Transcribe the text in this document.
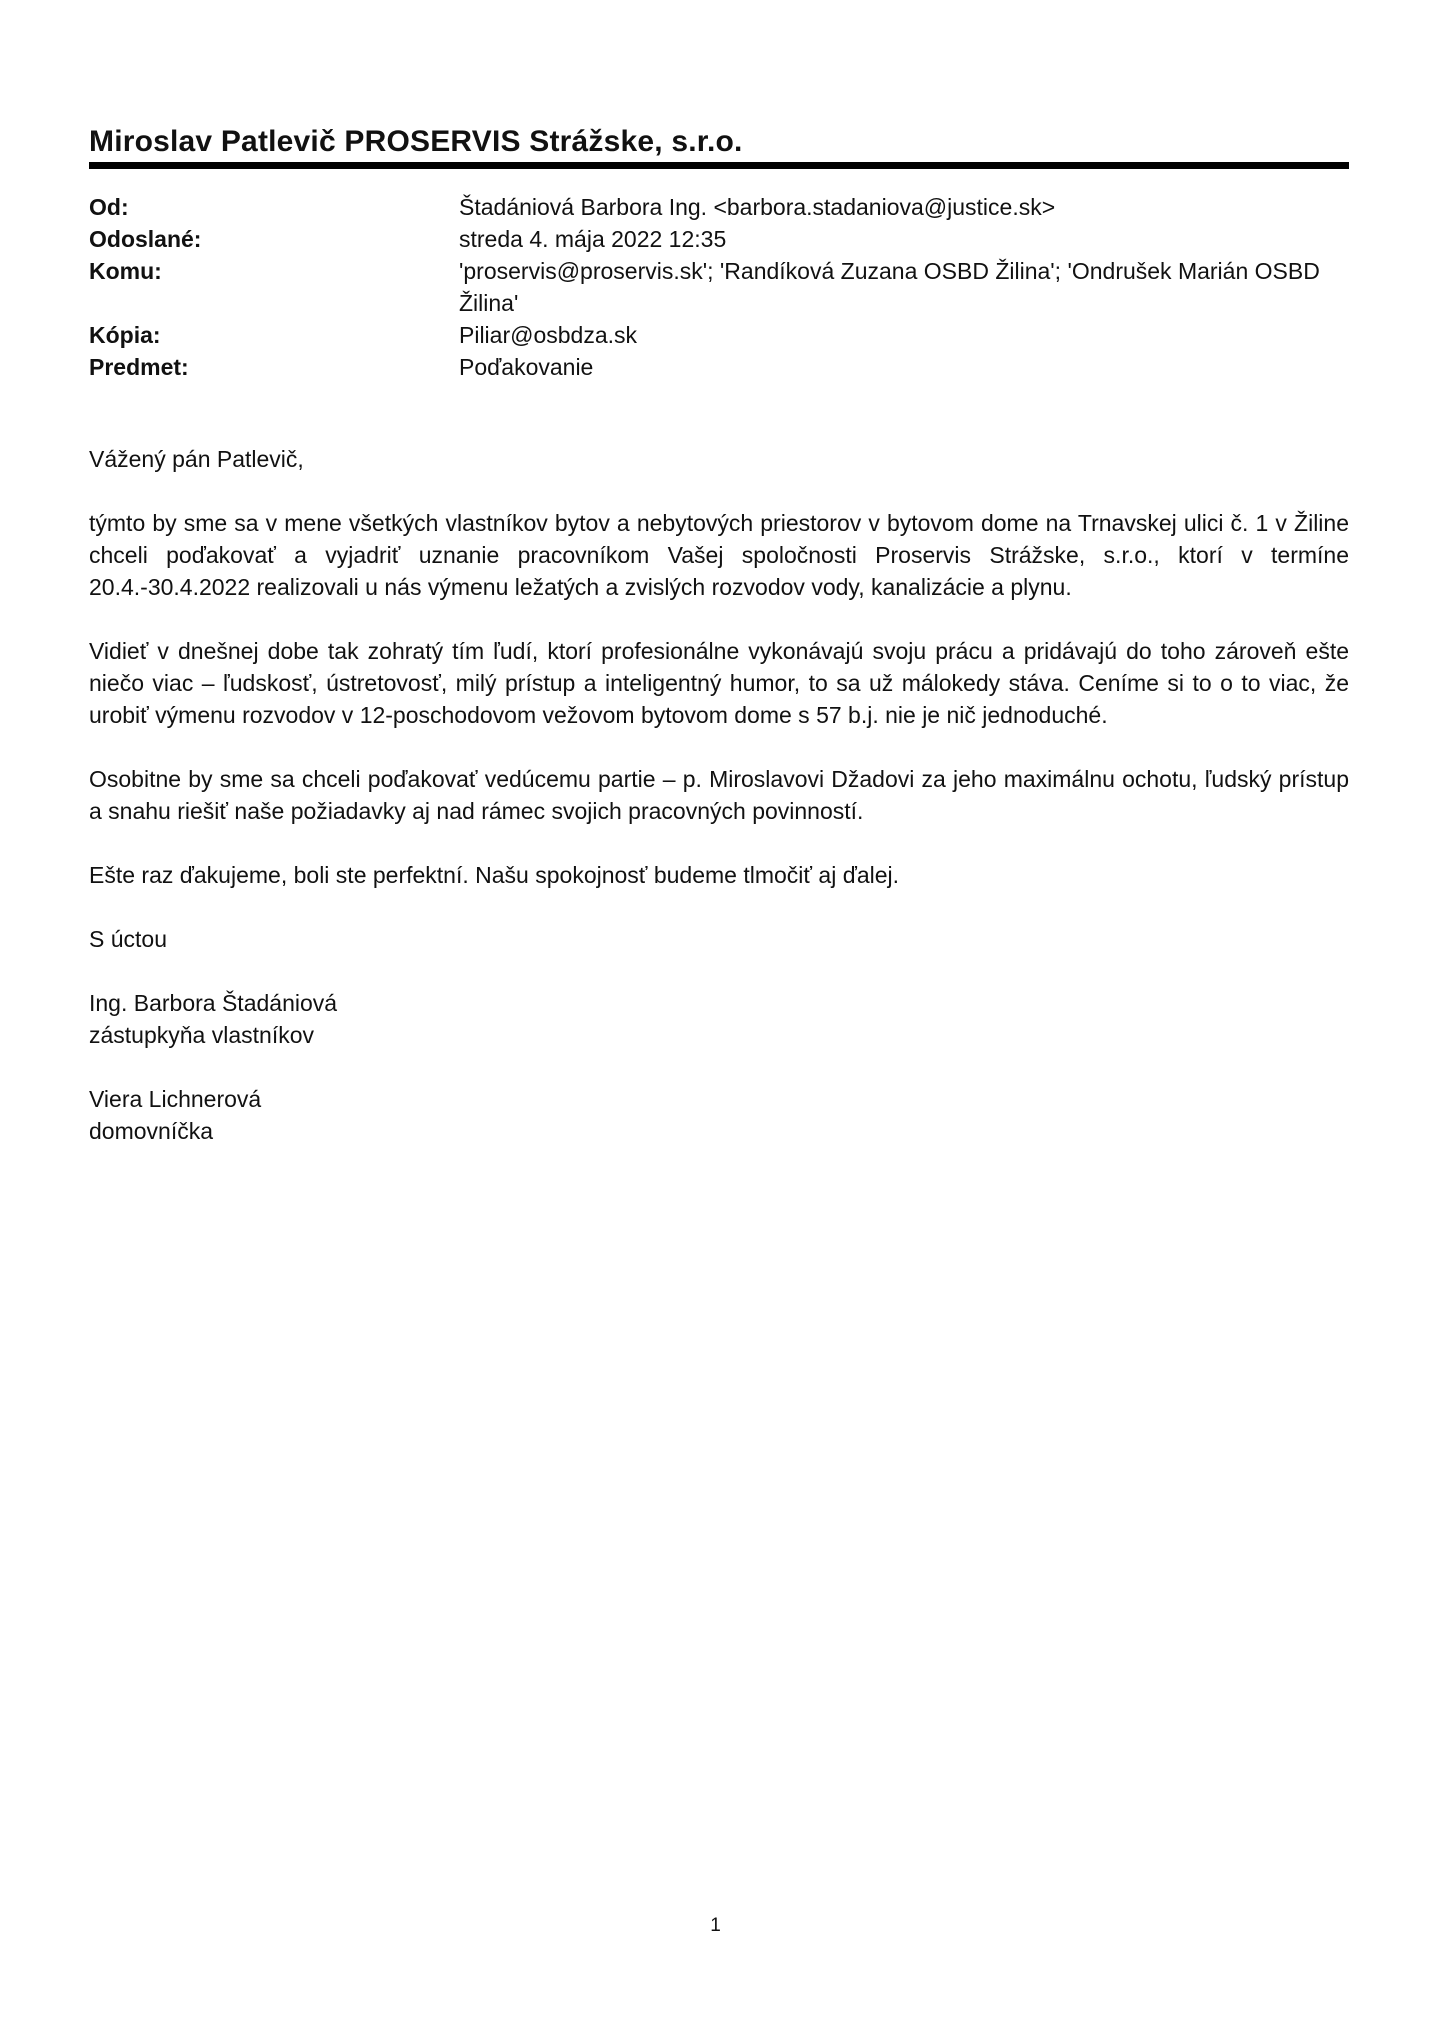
Miroslav Patlevič PROSERVIS Strážske, s.r.o.
Od:	Štadániová Barbora Ing. <barbora.stadaniova@justice.sk>
Odoslané:	streda 4. mája 2022 12:35
Komu:	'proservis@proservis.sk'; 'Randíková Zuzana OSBD Žilina'; 'Ondrušek Marián OSBD Žilina'
Kópia:	Piliar@osbdza.sk
Predmet:	Poďakovanie

Vážený pán Patlevič,

týmto by sme sa v mene všetkých vlastníkov bytov a nebytových priestorov v bytovom dome na Trnavskej ulici č. 1 v Žiline chceli poďakovať a vyjadriť uznanie pracovníkom Vašej spoločnosti Proservis Strážske, s.r.o., ktorí v termíne 20.4.-30.4.2022 realizovali u nás výmenu ležatých a zvislých rozvodov vody, kanalizácie a plynu.

Vidieť v dnešnej dobe tak zohratý tím ľudí, ktorí profesionálne vykonávajú svoju prácu a pridávajú do toho zároveň ešte niečo viac – ľudskosť, ústretovosť, milý prístup a inteligentný humor, to sa už málokedy stáva. Ceníme si to o to viac, že urobiť výmenu rozvodov v 12-poschodovom vežovom bytovom dome s 57 b.j. nie je nič jednoduché.

Osobitne by sme sa chceli poďakovať vedúcemu partie – p. Miroslavovi Džadovi za jeho maximálnu ochotu, ľudský prístup a snahu riešiť naše požiadavky aj nad rámec svojich pracovných povinností.

Ešte raz ďakujeme, boli ste perfektní. Našu spokojnosť budeme tlmočiť aj ďalej.

S úctou

Ing. Barbora Štadániová
zástupkyňa vlastníkov

Viera Lichnerová
domovníčka

1
